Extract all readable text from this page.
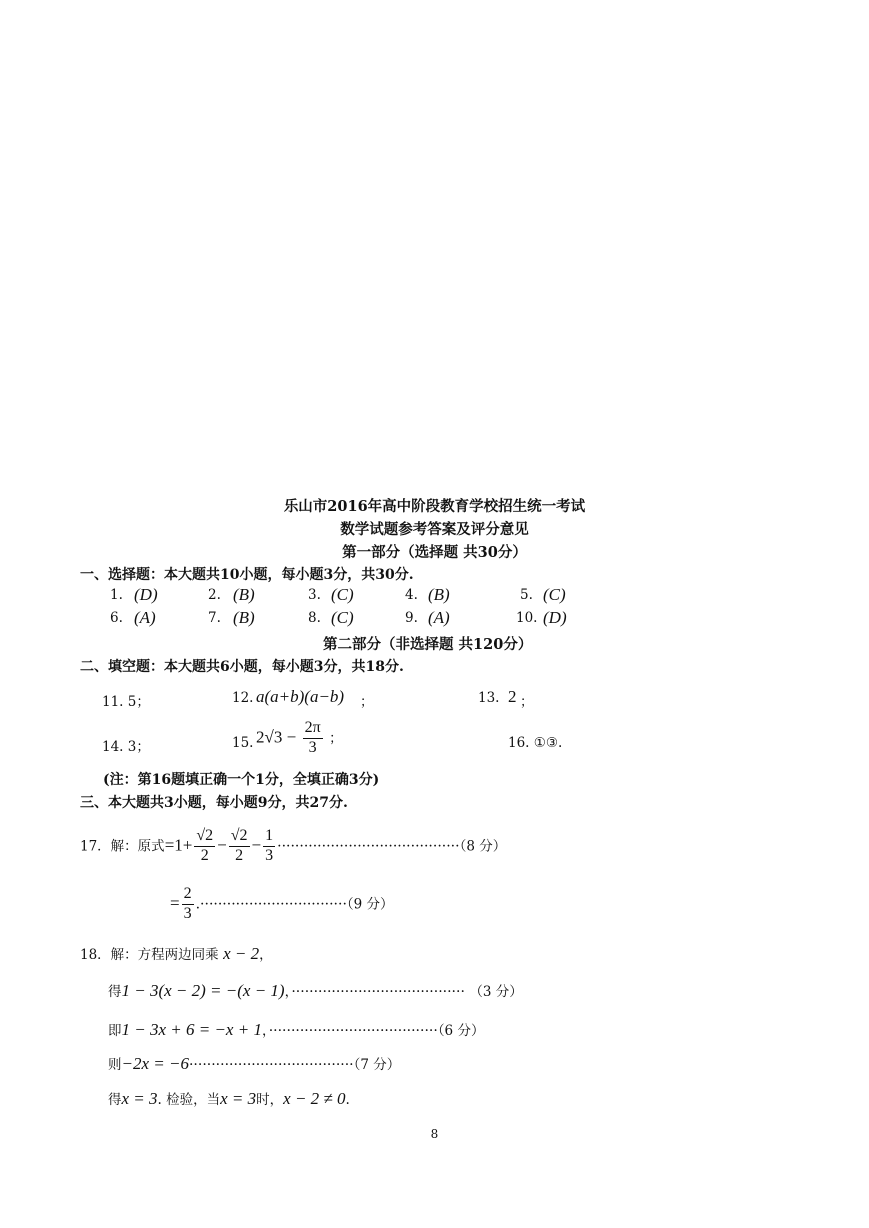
乐山市2016年高中阶段教育学校招生统一考试
数学试题参考答案及评分意见
第一部分（选择题 共30分）
一、选择题：本大题共10小题，每小题3分，共30分.
1. (D)	2. (B)	3. (C)	4. (B)	5. (C)
6. (A)	7. (B)	8. (C)	9. (A)	10. (D)
第二部分（非选择题 共120分）
二、填空题：本大题共6小题，每小题3分，共18分.
11. 5；	12. a(a+b)(a−b) ；	13. 2 ；
14. 3；	15. $2√3 - \frac{2\pi}{3}$ ；	16. ①③.
(注：第16题填正确一个1分，全填正确3分)
三、本大题共3小题，每小题9分，共27分.
17．解：原式$=1+ \frac{√2}{2} - \frac{√2}{2} - \frac{1}{3} \cdot\cdot\cdot\cdot\cdot\cdot\cdot\cdot\cdot\cdot\cdot\cdot\cdot\cdot\cdot\cdot\cdot\cdot\cdot\cdot\cdot\cdot\cdot\cdot\cdot\cdot\cdot\cdot\cdot\cdot\cdot\cdot\cdot\cdot\cdot\cdot\cdot\cdot\cdot\cdot\cdot(8$ 分）
= $\frac{2}{3} .\cdot\cdot\cdot\cdot\cdot\cdot\cdot\cdot\cdot\cdot\cdot\cdot\cdot\cdot\cdot\cdot\cdot\cdot\cdot\cdot\cdot\cdot\cdot\cdot\cdot\cdot\cdot\cdot\cdot\cdot\cdot\cdot\cdot(9$ 分）
18．解：方程两边同乘 x − 2，
得1 − 3(x − 2) = −(x − 1)，······································· （3 分）
即1 − 3x + 6 = −x + 1，······································（6 分）
则−2x = −6·····································（7 分）
得x = 3. 检验，当x = 3时，x − 2 ≠ 0.
8
